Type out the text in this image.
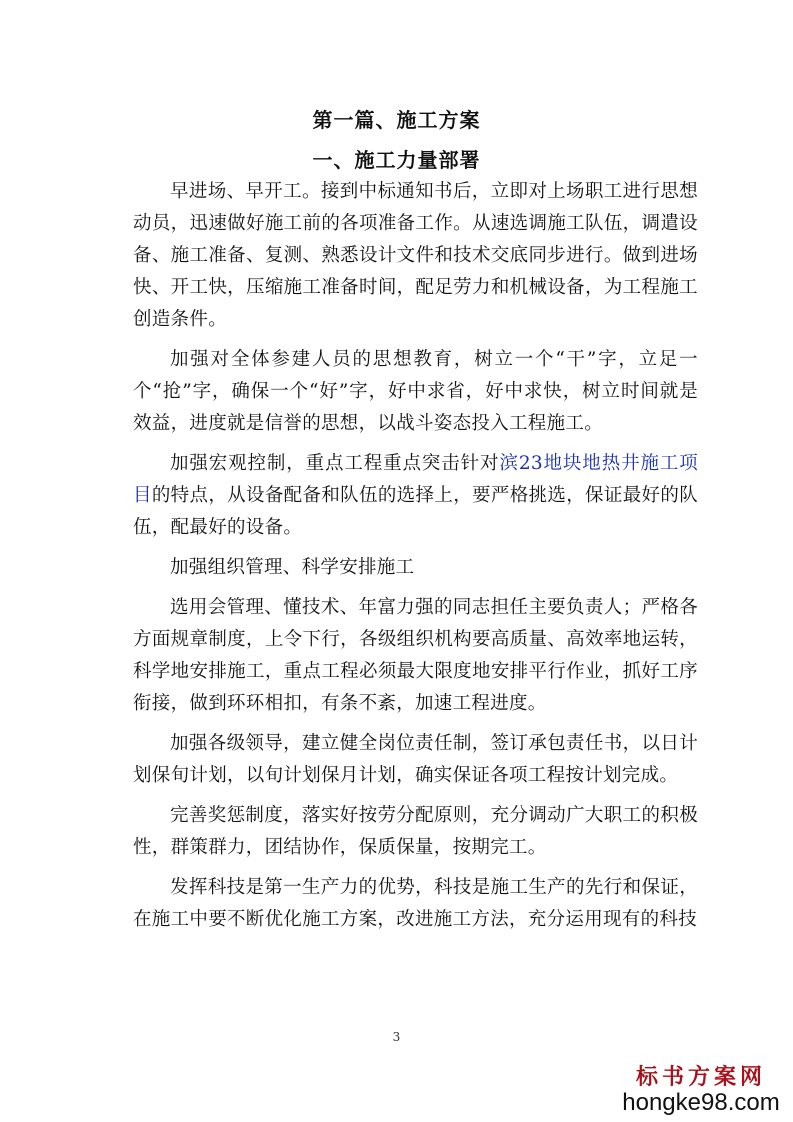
第一篇、施工方案
一、施工力量部署

早进场、早开工。接到中标通知书后，立即对上场职工进行思想动员，迅速做好施工前的各项准备工作。从速选调施工队伍，调遣设备、施工准备、复测、熟悉设计文件和技术交底同步进行。做到进场快、开工快，压缩施工准备时间，配足劳力和机械设备，为工程施工创造条件。

加强对全体参建人员的思想教育，树立一个“干”字，立足一个“抢”字，确保一个“好”字，好中求省，好中求快，树立时间就是效益，进度就是信誉的思想，以战斗姿态投入工程施工。

加强宏观控制，重点工程重点突击针对滨23地块地热井施工项目的特点，从设备配备和队伍的选择上，要严格挑选，保证最好的队伍，配最好的设备。

加强组织管理、科学安排施工

选用会管理、懂技术、年富力强的同志担任主要负责人；严格各方面规章制度，上令下行，各级组织机构要高质量、高效率地运转，科学地安排施工，重点工程必须最大限度地安排平行作业，抓好工序衔接，做到环环相扣，有条不紊，加速工程进度。

加强各级领导，建立健全岗位责任制，签订承包责任书，以日计划保旬计划，以旬计划保月计划，确实保证各项工程按计划完成。

完善奖惩制度，落实好按劳分配原则，充分调动广大职工的积极性，群策群力，团结协作，保质保量，按期完工。

发挥科技是第一生产力的优势，科技是施工生产的先行和保证，在施工中要不断优化施工方案，改进施工方法，充分运用现有的科技

3
标书方案网
hongke98.com
